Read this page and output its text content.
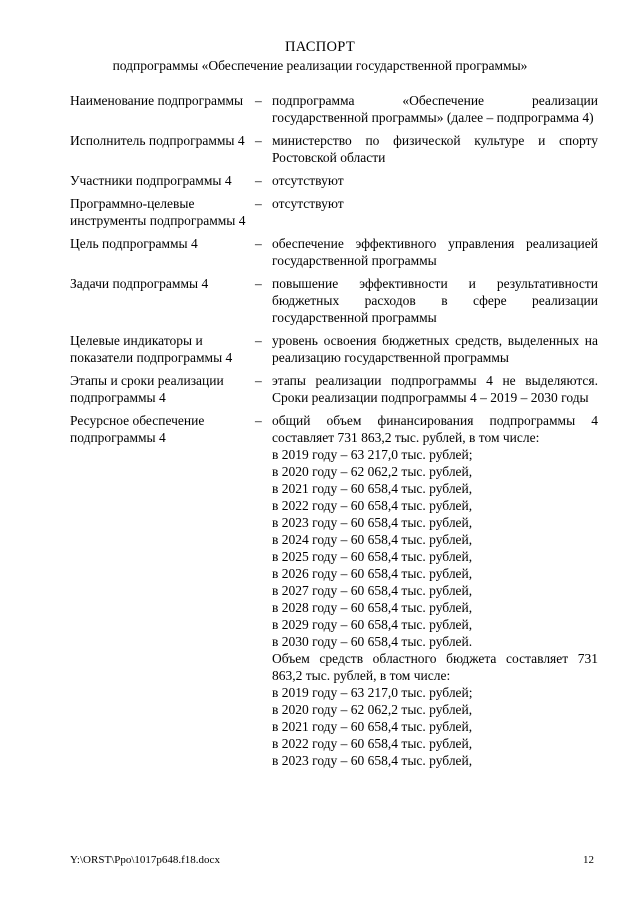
ПАСПОРТ
подпрограммы «Обеспечение реализации государственной программы»
Наименование подпрограммы – подпрограмма «Обеспечение реализации государственной программы» (далее – подпрограмма 4)
Исполнитель подпрограммы 4 – министерство по физической культуре и спорту Ростовской области
Участники подпрограммы 4	– отсутствуют
Программно-целевые инструменты подпрограммы 4
– отсутствуют
Цель подпрограммы 4	– обеспечение эффективного управления реализацией государственной программы
Задачи подпрограммы 4	– повышение эффективности и результативности бюджетных расходов в сфере реализации государственной программы
Целевые индикаторы и показатели подпрограммы 4
– уровень освоения бюджетных средств, выделенных на реализацию государственной программы
Этапы и сроки реализации подпрограммы 4
– этапы реализации подпрограммы 4 не выделяются. Сроки реализации подпрограммы 4 – 2019 – 2030 годы
Ресурсное обеспечение подпрограммы 4
– общий объем финансирования подпрограммы 4 составляет 731 863,2 тыс. рублей, в том числе:
в 2019 году – 63 217,0 тыс. рублей;
в 2020 году – 62 062,2 тыс. рублей,
в 2021 году – 60 658,4 тыс. рублей,
в 2022 году – 60 658,4 тыс. рублей,
в 2023 году – 60 658,4 тыс. рублей,
в 2024 году – 60 658,4 тыс. рублей,
в 2025 году – 60 658,4 тыс. рублей,
в 2026 году – 60 658,4 тыс. рублей,
в 2027 году – 60 658,4 тыс. рублей,
в 2028 году – 60 658,4 тыс. рублей,
в 2029 году – 60 658,4 тыс. рублей,
в 2030 году – 60 658,4 тыс. рублей.
Объем средств областного бюджета составляет 731 863,2 тыс. рублей, в том числе:
в 2019 году – 63 217,0 тыс. рублей;
в 2020 году – 62 062,2 тыс. рублей,
в 2021 году – 60 658,4 тыс. рублей,
в 2022 году – 60 658,4 тыс. рублей,
в 2023 году – 60 658,4 тыс. рублей,
Y:\ORST\Ppo\1017p648.f18.docx	12
